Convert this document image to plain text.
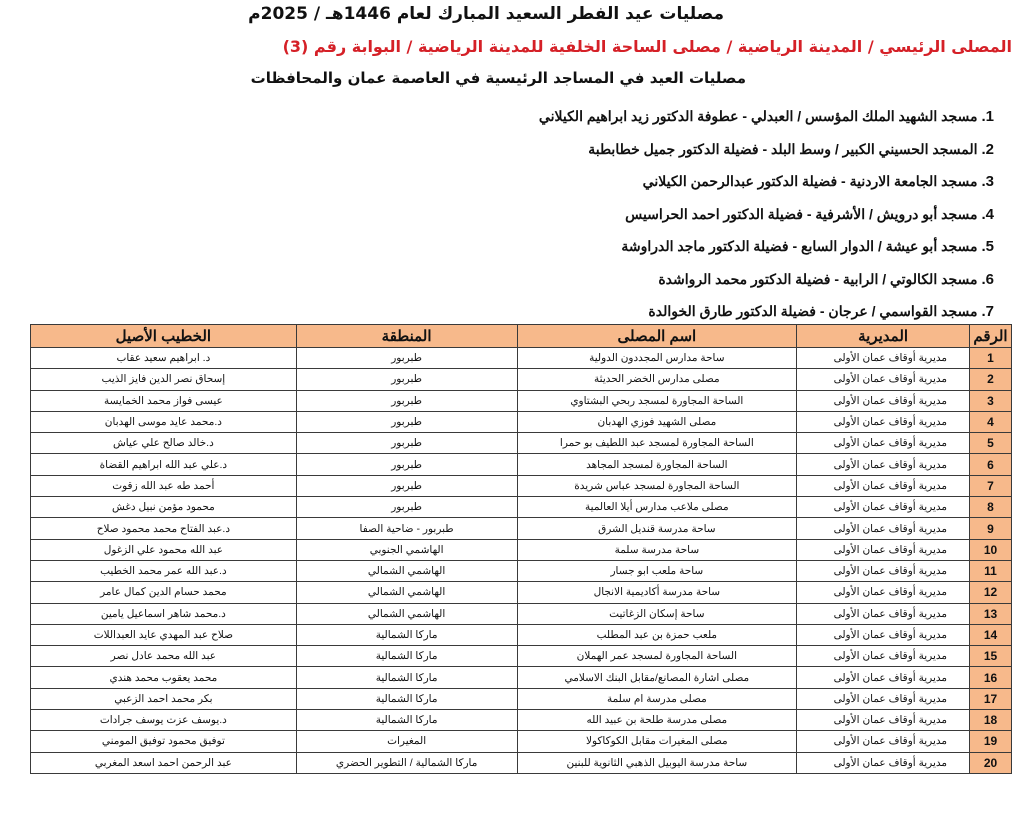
مصليات عيد الفطر السعيد المبارك لعام 1446هـ / 2025م
المصلى الرئيسي / المدينة الرياضية / مصلى الساحة الخلفية للمدينة الرياضية / البوابة رقم (3)
مصليات العيد في المساجد الرئيسية في العاصمة عمان والمحافظات
1.مسجد الشهيد الملك المؤسس / العبدلي - عطوفة الدكتور زيد ابراهيم الكيلاني
2.المسجد الحسيني الكبير / وسط البلد - فضيلة الدكتور جميل خطابطبة
3.مسجد الجامعة الاردنية - فضيلة الدكتور عبدالرحمن الكيلاني
4.مسجد أبو درويش / الأشرفية - فضيلة الدكتور احمد الحراسيس
5.مسجد أبو عيشة / الدوار السابع - فضيلة الدكتور ماجد الدراوشة
6.مسجد الكالوتي / الرابية - فضيلة الدكتور محمد الرواشدة
7.مسجد القواسمي / عرجان - فضيلة الدكتور طارق الخوالدة
الرقم	المديرية	اسم المصلى	المنطقة	الخطيب الأصيل
1	مديرية أوقاف عمان الأولى	ساحة مدارس المجددون الدولية	طبربور	د. ابراهيم سعيد عقاب
2	مديرية أوقاف عمان الأولى	مصلى مدارس الخضر الحديثة	طبربور	إسحاق نصر الدين فايز الذيب
3	مديرية أوقاف عمان الأولى	الساحة المجاورة لمسجد ربحي البشتاوي	طبربور	عيسى فواز محمد الخمايسة
4	مديرية أوقاف عمان الأولى	مصلى الشهيد فوزي الهدبان	طبربور	د.محمد عايد موسى الهدبان
5	مديرية أوقاف عمان الأولى	الساحة المجاورة لمسجد عبد اللطيف بو حمرا	طبربور	د.خالد صالح علي عياش
6	مديرية أوقاف عمان الأولى	الساحة المجاورة لمسجد المجاهد	طبربور	د.علي عبد الله ابراهيم القضاة
7	مديرية أوقاف عمان الأولى	الساحة المجاورة لمسجد عباس شريدة	طبربور	أحمد طه عبد الله زقوت
8	مديرية أوقاف عمان الأولى	مصلى ملاعب مدارس أيلا العالمية	طبربور	محمود مؤمن نبيل دغش
9	مديرية أوقاف عمان الأولى	ساحة مدرسة قنديل الشرق	طبربور - ضاحية الصفا	د.عبد الفتاح محمد محمود صلاح
10	مديرية أوقاف عمان الأولى	ساحة مدرسة سلمة	الهاشمي الجنوبي	عبد الله محمود علي الزغول
11	مديرية أوقاف عمان الأولى	ساحة ملعب ابو جسار	الهاشمي الشمالي	د.عبد الله عمر محمد الخطيب
12	مديرية أوقاف عمان الأولى	ساحة مدرسة أكاديمية الانجال	الهاشمي الشمالي	محمد حسام الدين كمال عامر
13	مديرية أوقاف عمان الأولى	ساحة إسكان الزغاتيت	الهاشمي الشمالي	د.محمد شاهر اسماعيل يامين
14	مديرية أوقاف عمان الأولى	ملعب حمزة بن عبد المطلب	ماركا الشمالية	صلاح عبد المهدي عايد العبداللات
15	مديرية أوقاف عمان الأولى	الساحة المجاورة لمسجد عمر الهملان	ماركا الشمالية	عبد الله محمد عادل نصر
16	مديرية أوقاف عمان الأولى	مصلى اشارة المصانع/مقابل البنك الاسلامي	ماركا الشمالية	محمد يعقوب محمد هندي
17	مديرية أوقاف عمان الأولى	مصلى مدرسة ام سلمة	ماركا الشمالية	بكر محمد احمد الزعبي
18	مديرية أوقاف عمان الأولى	مصلى مدرسة طلحة بن عبيد الله	ماركا الشمالية	د.يوسف عزت يوسف جرادات
19	مديرية أوقاف عمان الأولى	مصلى المغيرات مقابل الكوكاكولا	المغيرات	توفيق محمود توفيق المومني
20	مديرية أوقاف عمان الأولى	ساحة مدرسة اليوبيل الذهبي الثانوية للبنين	ماركا الشمالية / التطوير الحضري	عبد الرحمن احمد اسعد المغربي
